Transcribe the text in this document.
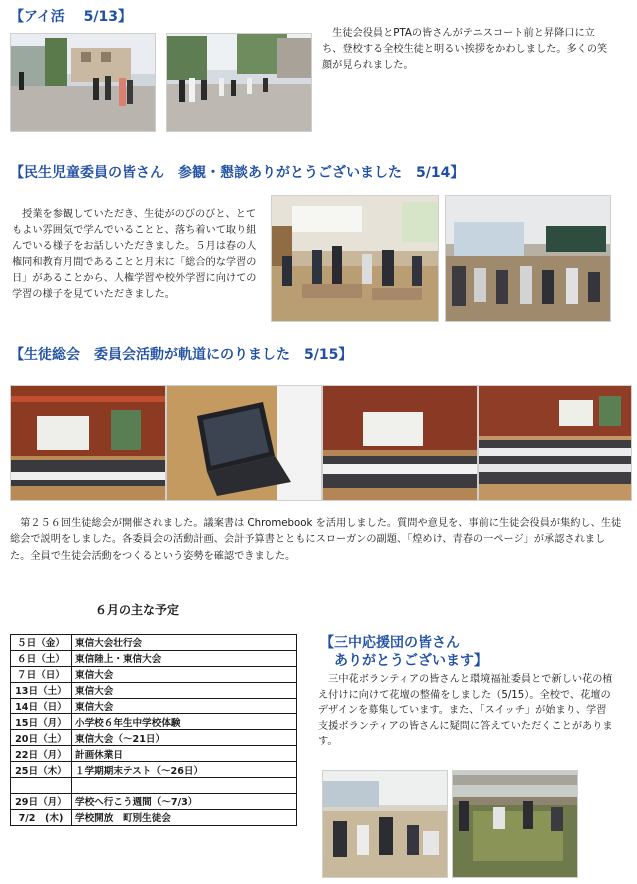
【アイ活　 5/13】
　生徒会役員とPTAの皆さんがテニスコート前と昇降口に立ち、登校する全校生徒と明るい挨拶をかわしました。多くの笑顔が見られました。
【民生児童委員の皆さん　参観・懇談ありがとうございました　5/14】
　授業を参観していただき、生徒がのびのびと、とてもよい雰囲気で学んでいることと、落ち着いて取り組んでいる様子をお話しいただきました。５月は春の人権同和教育月間であることと月末に「総合的な学習の日」があることから、人権学習や校外学習に向けての学習の様子を見ていただきました。
【生徒総会　委員会活動が軌道にのりました　5/15】
　第２５６回生徒総会が開催されました。議案書は Chromebook を活用しました。質問や意見を、事前に生徒会役員が集約し、生徒総会で説明をしました。各委員会の活動計画、会計予算書とともにスローガンの副題、「煌めけ、青春の一ページ」が承認されました。全員で生徒会活動をつくるという姿勢を確認できました。
６月の主な予定
５日（金）	東信大会壮行会
６日（土）	東信陸上・東信大会
７日（日）	東信大会
13日（土）	東信大会
14日（日）	東信大会
15日（月）	小学校６年生中学校体験
20日（土）	東信大会（～21日）
22日（月）	計画休業日
25日（木）	１学期期末テスト（～26日）

29日（月）	学校へ行こう週間（～7/3）
7/2　(木)	学校開放　町別生徒会
【三中応援団の皆さん
ありがとうございます】
　三中花ボランティアの皆さんと環境福祉委員とで新しい花の植え付けに向けて花壇の整備をしました（5/15）。全校で、花壇のデザインを募集しています。また、「スイッチ」が始まり、学習支援ボランティアの皆さんに疑問に答えていただくことがあります。
